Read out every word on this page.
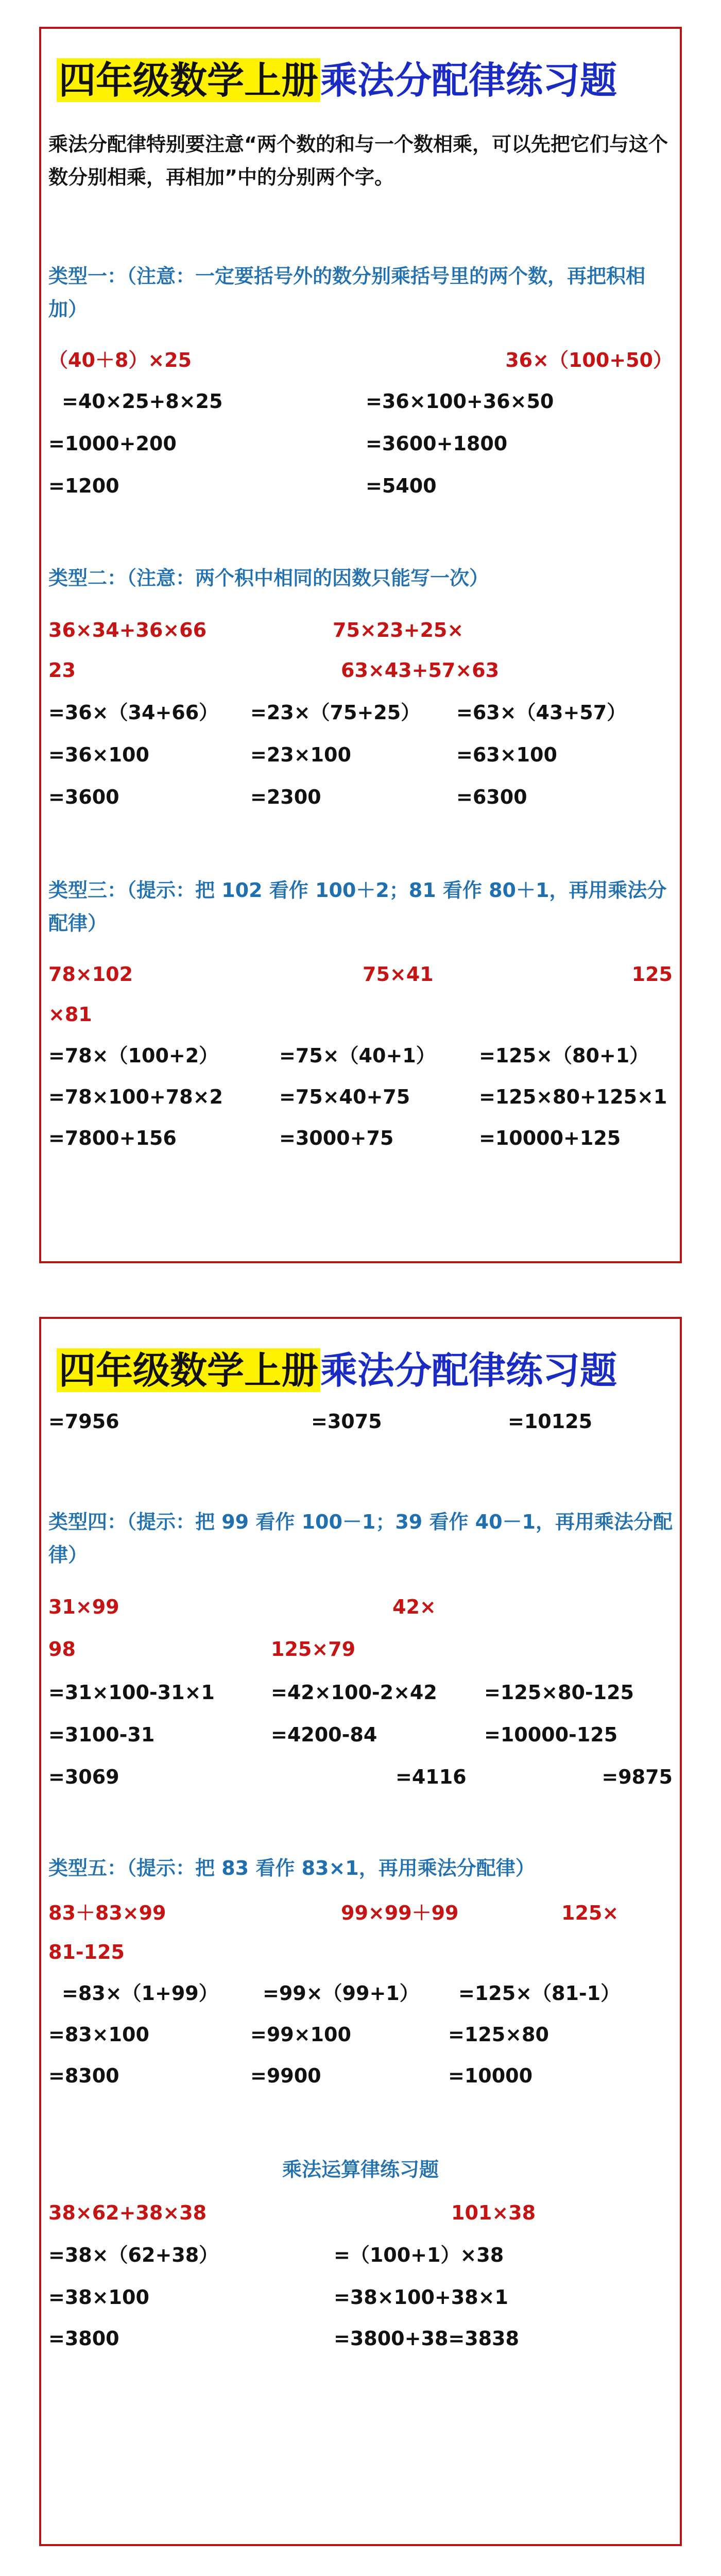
四年级数学上册乘法分配律练习题
乘法分配律特别要注意“两个数的和与一个数相乘，可以先把它们与这个数分别相乘，再相加”中的分别两个字。
类型一：（注意：一定要括号外的数分别乘括号里的两个数，再把积相加）
（40＋8）×25	36×（100+50）
=40×25+8×25	=36×100+36×50
=1000+200	=3600+1800
=1200	=5400
类型二：（注意：两个积中相同的因数只能写一次）
36×34+36×66	75×23+25×
23	63×43+57×63
=36×（34+66） =23×（75+25） =63×（43+57）
=36×100	=23×100	=63×100
=3600	=2300	=6300
类型三：（提示：把 102 看作 100＋2；81 看作 80＋1，再用乘法分配律）
78×102	75×41	125
×81
=78×（100+2）	=75×（40+1） =125×（80+1）
=78×100+78×2	=75×40+75	=125×80+125×1
=7800+156	=3000+75	=10000+125
四年级数学上册乘法分配律练习题
=7956	=3075	=10125
类型四：（提示：把 99 看作 100－1；39 看作 40－1，再用乘法分配律）
31×99	42×
98	125×79
=31×100-31×1	=42×100-2×42 =125×80-125
=3100-31	=4200-84	=10000-125
=3069	=4116	=9875
类型五：（提示：把 83 看作 83×1，再用乘法分配律）
83＋83×99	99×99＋99	125×
81-125
=83×（1+99） =99×（99+1） =125×（81-1）
=83×100	=99×100	=125×80
=8300	=9900	=10000
乘法运算律练习题
38×62+38×38	101×38
=38×（62+38）	=（100+1）×38
=38×100	=38×100+38×1
=3800	=3800+38=3838
